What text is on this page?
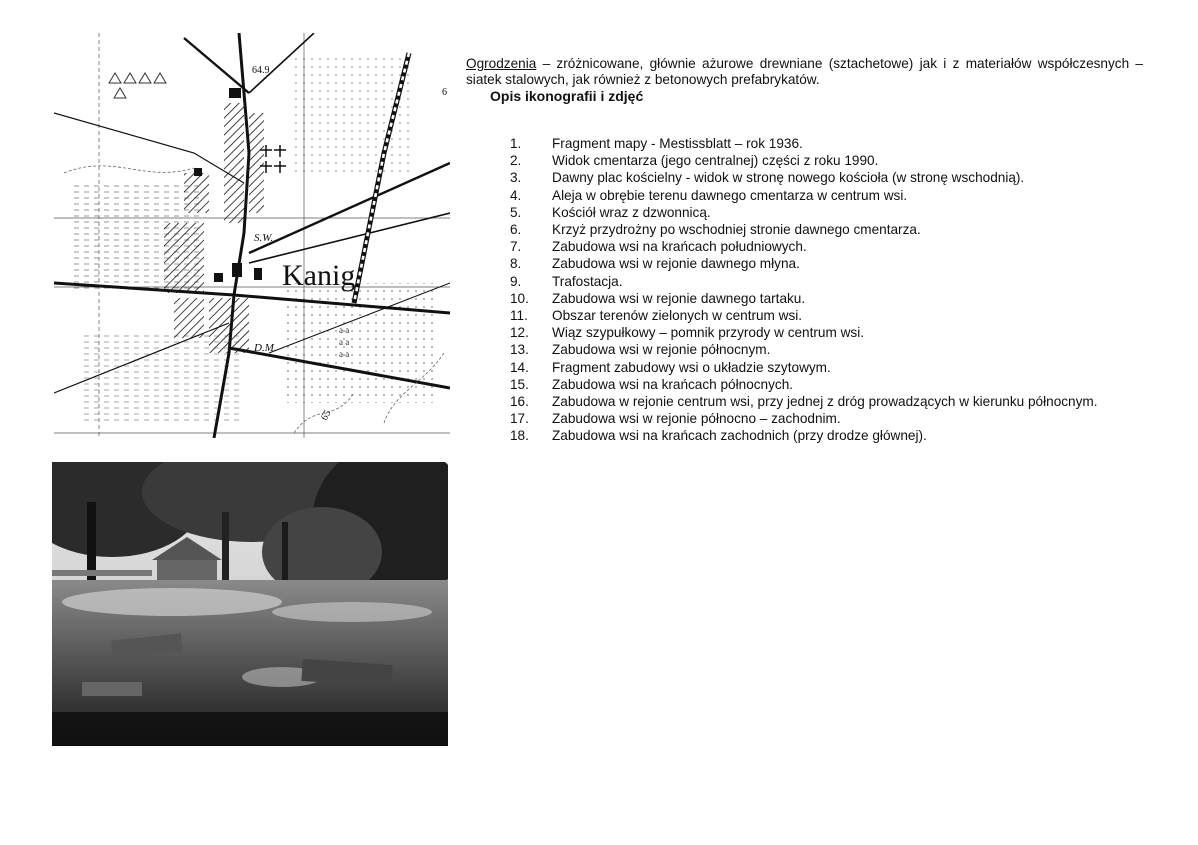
a a
a a
a a
Kanig
64.9
S.W.
D.M.
65
6

Ogrodzenia – zróżnicowane, głównie ażurowe drewniane (sztachetowe) jak i z materiałów współczesnych – siatek stalowych, jak również z betonowych prefabrykatów.

Opis ikonografii i zdjęć

1.	Fragment mapy - Mestissblatt – rok 1936.
2.	Widok cmentarza (jego centralnej) części z roku 1990.
3.	Dawny plac kościelny - widok w stronę nowego kościoła (w stronę wschodnią).
4.	Aleja w obrębie terenu dawnego cmentarza w centrum wsi.
5.	Kościół wraz z dzwonnicą.
6.	Krzyż przydrożny po wschodniej stronie dawnego cmentarza.
7.	Zabudowa wsi na krańcach południowych.
8.	Zabudowa wsi w rejonie dawnego młyna.
9.	Trafostacja.
10.	Zabudowa wsi w rejonie dawnego tartaku.
11.	Obszar terenów zielonych w centrum wsi.
12.	Wiąz szypułkowy – pomnik przyrody w centrum wsi.
13.	Zabudowa wsi w rejonie północnym.
14.	Fragment zabudowy wsi o układzie szytowym.
15.	Zabudowa wsi na krańcach północnych.
16.	Zabudowa w rejonie centrum wsi, przy jednej z dróg prowadzących w kierunku północnym.
17.	Zabudowa wsi w rejonie północno – zachodnim.
18.	Zabudowa wsi na krańcach zachodnich (przy drodze głównej).
